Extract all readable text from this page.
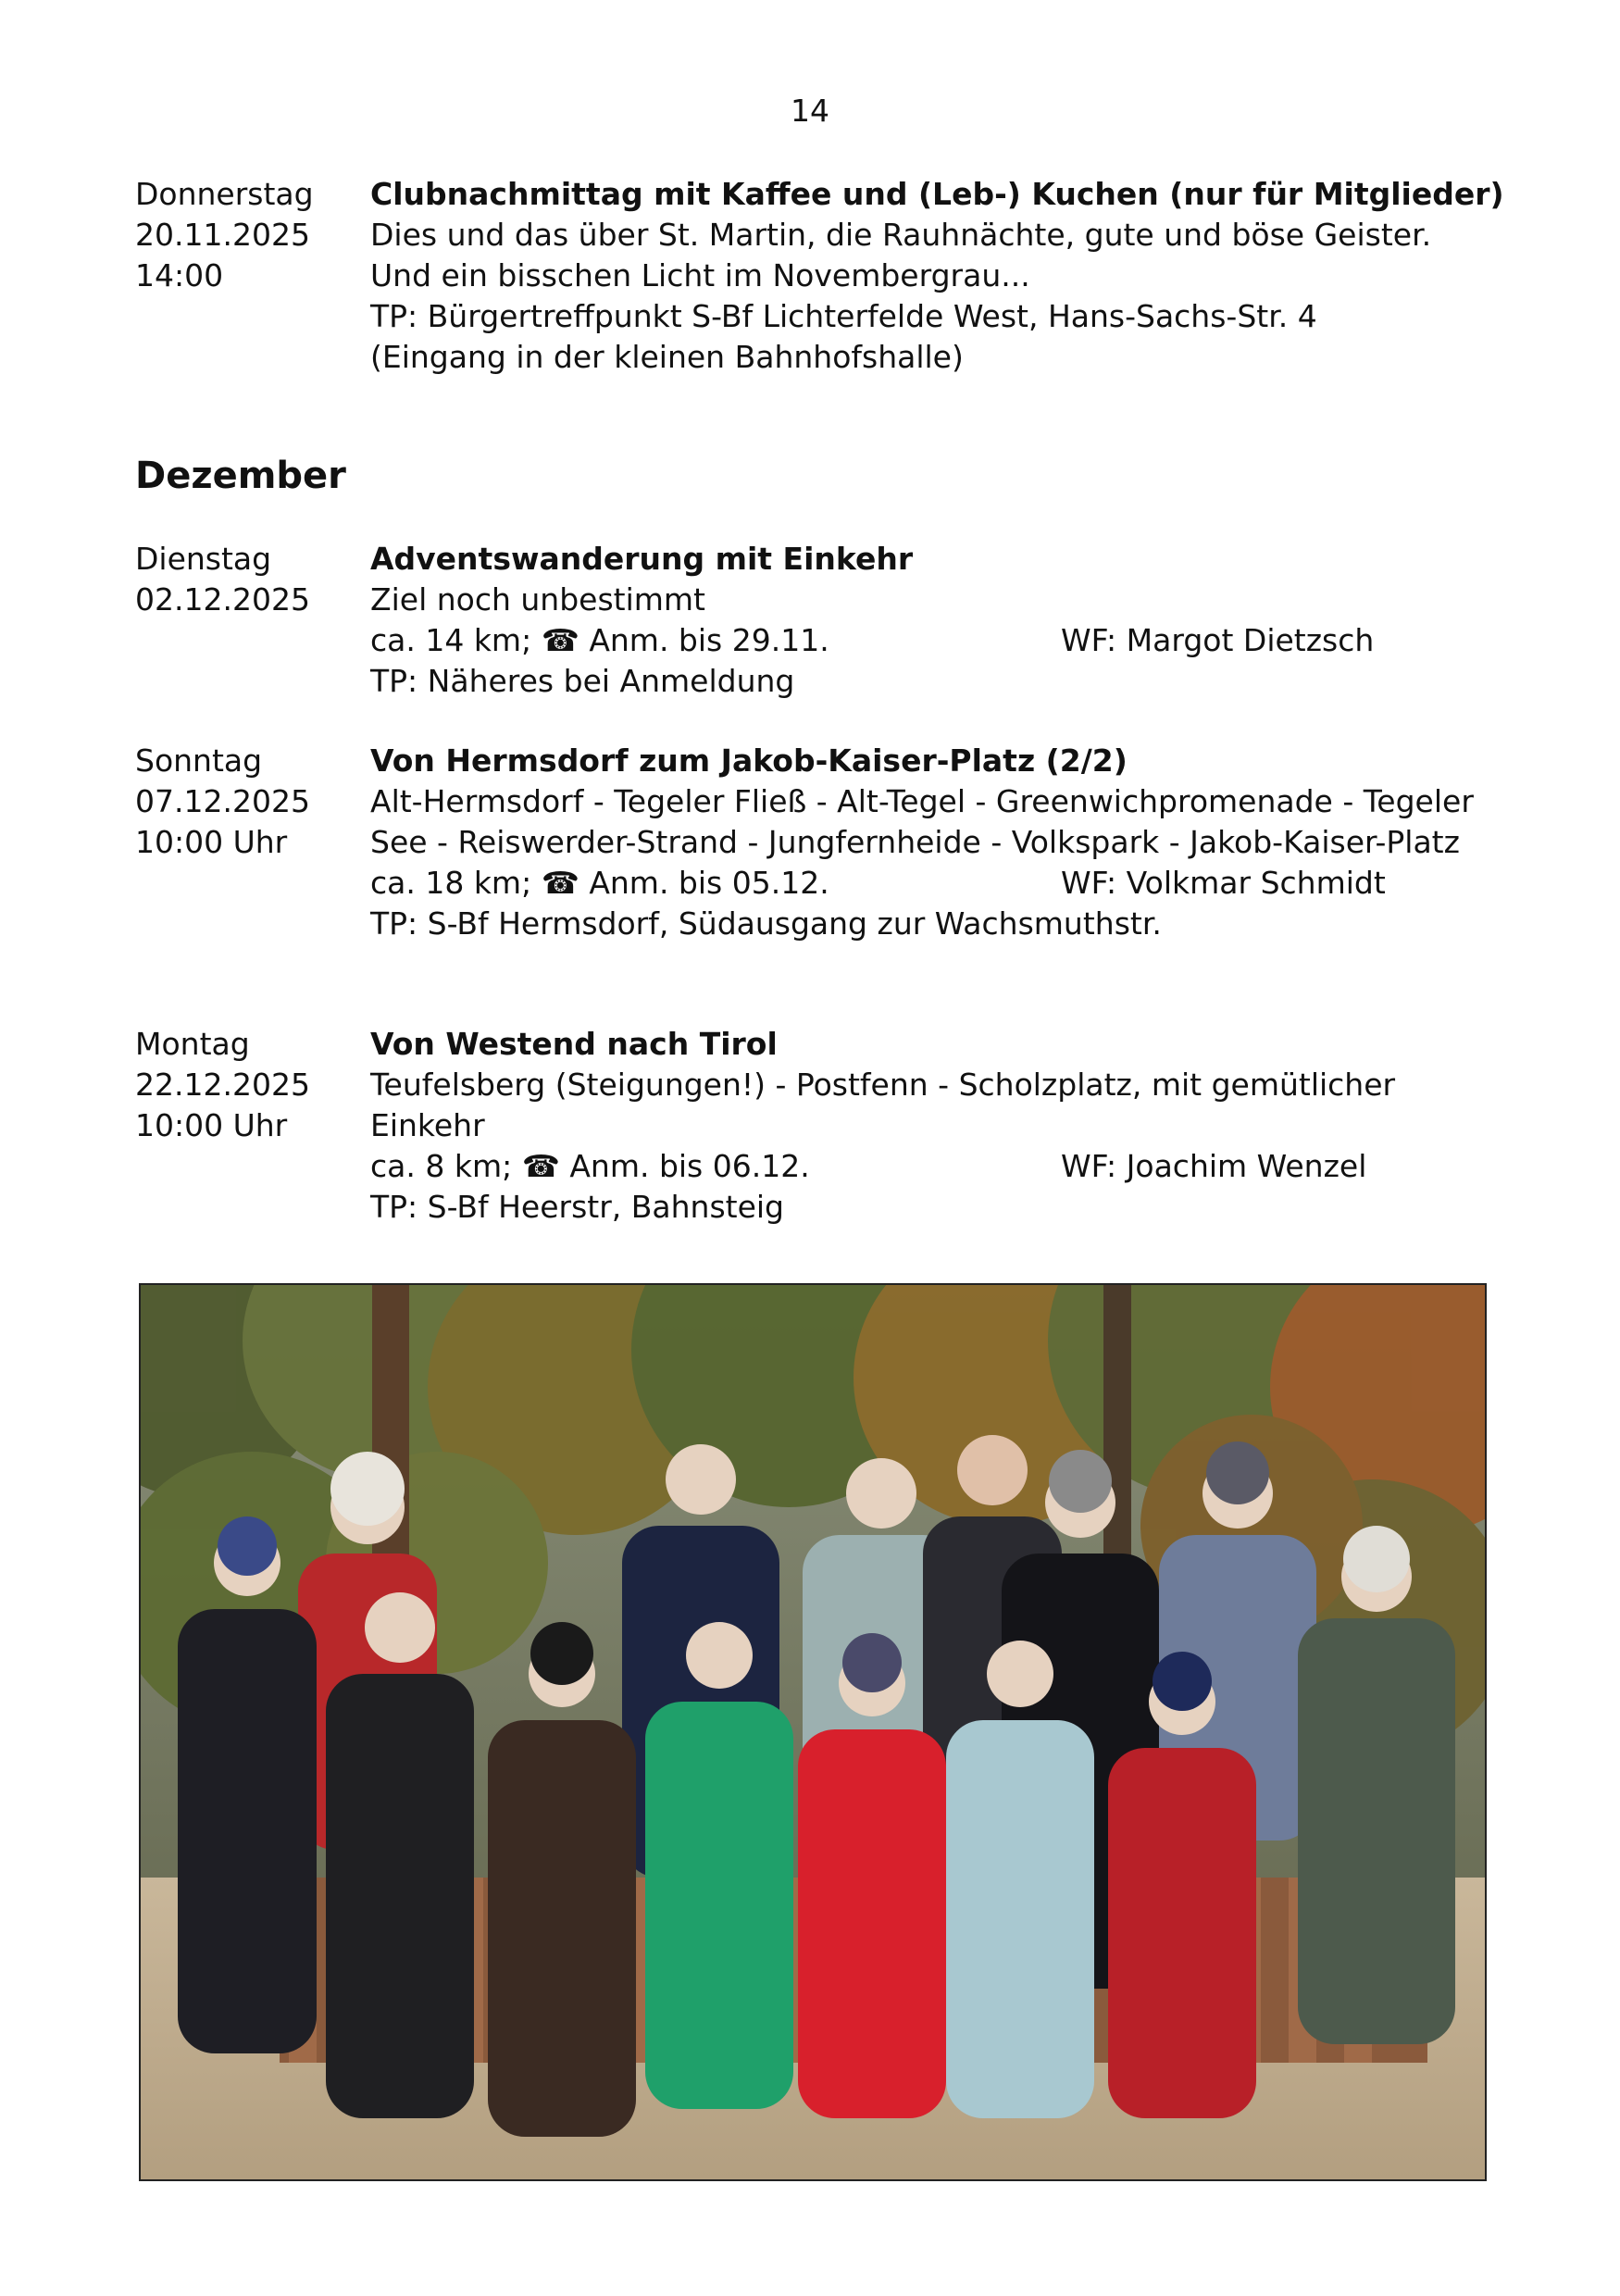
14
Donnerstag
20.11.2025
14:00
Clubnachmittag mit Kaffee und (Leb-) Kuchen (nur für Mitglieder)
Dies und das über St. Martin, die Rauhnächte, gute und böse Geister.
Und ein bisschen Licht im Novembergrau...
TP: Bürgertreffpunkt S-Bf Lichterfelde West, Hans-Sachs-Str. 4
(Eingang in der kleinen Bahnhofshalle)
Dezember
Dienstag
02.12.2025
Adventswanderung mit Einkehr
Ziel noch unbestimmt
ca. 14 km; ☎ Anm. bis 29.11.	WF: Margot Dietzsch
TP: Näheres bei Anmeldung
Sonntag
07.12.2025
10:00 Uhr
Von Hermsdorf zum Jakob-Kaiser-Platz (2/2)
Alt-Hermsdorf - Tegeler Fließ - Alt-Tegel - Greenwichpromenade - Tegeler See - Reiswerder-Strand - Jungfernheide - Volkspark - Jakob-Kaiser-Platz
ca. 18 km; ☎ Anm. bis 05.12.	WF: Volkmar Schmidt
TP: S-Bf Hermsdorf, Südausgang zur Wachsmuthstr.
Montag
22.12.2025
10:00 Uhr
Von Westend nach Tirol
Teufelsberg (Steigungen!) - Postfenn - Scholzplatz, mit gemütlicher Einkehr
ca. 8 km; ☎ Anm. bis 06.12.	WF: Joachim Wenzel
TP: S-Bf Heerstr, Bahnsteig
